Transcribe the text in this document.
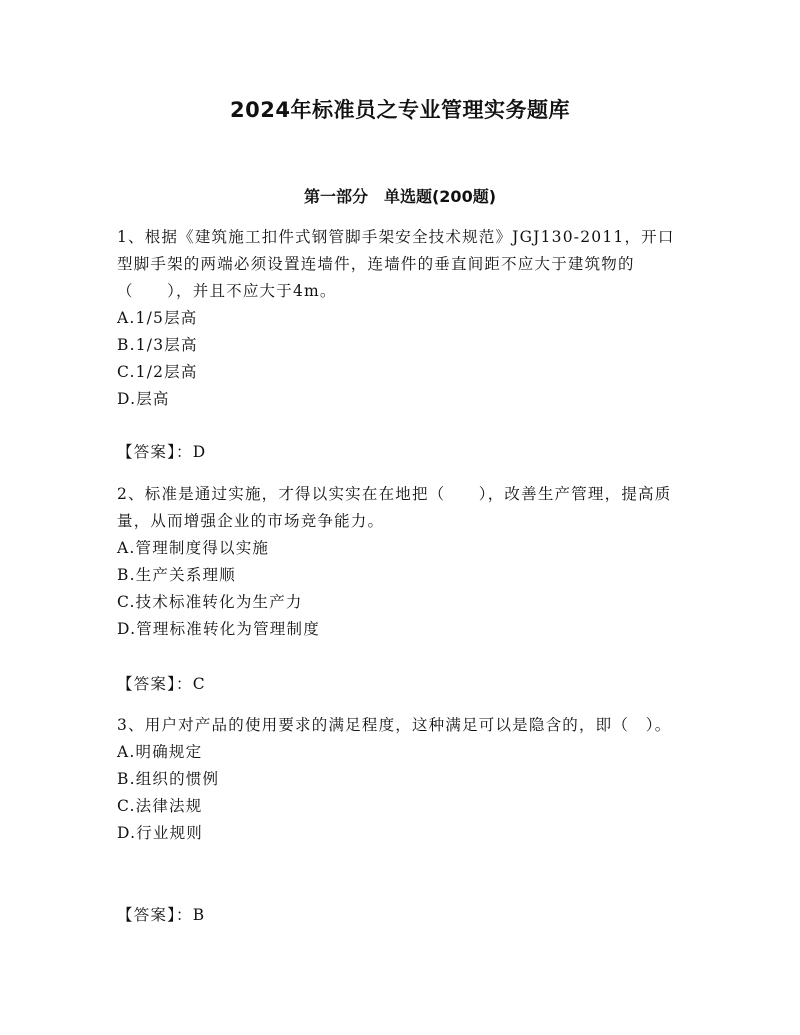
2024年标准员之专业管理实务题库
第一部分　单选题(200题)

1、根据《建筑施工扣件式钢管脚手架安全技术规范》JGJ130-2011，开口型脚手架的两端必须设置连墙件，连墙件的垂直间距不应大于建筑物的（　　），并且不应大于4m。

A.1/5层高
B.1/3层高
C.1/2层高
D.层高
【答案】：D

2、标准是通过实施，才得以实实在在地把（　　），改善生产管理，提高质量，从而增强企业的市场竞争能力。

A.管理制度得以实施
B.生产关系理顺
C.技术标准转化为生产力
D.管理标准转化为管理制度
【答案】：C

3、用户对产品的使用要求的满足程度，这种满足可以是隐含的，即（　）。

A.明确规定
B.组织的惯例
C.法律法规
D.行业规则
【答案】：B
